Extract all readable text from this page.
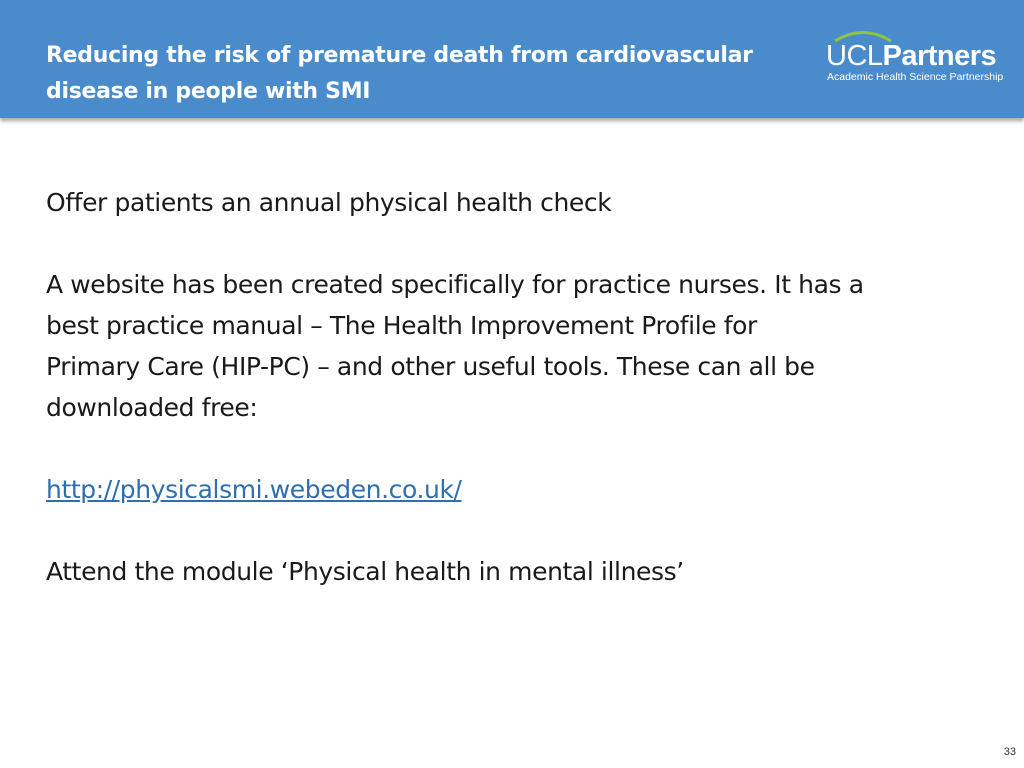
Reducing the risk of premature death from cardiovascular
disease in people with SMI
UCLPartners
Academic Health Science Partnership

Offer patients an annual physical health check

A website has been created specifically for practice nurses. It has a

best practice manual – The Health Improvement Profile for

Primary Care (HIP-PC) – and other useful tools. These can all be

downloaded free:

http://physicalsmi.webeden.co.uk/

Attend the module ‘Physical health in mental illness’

33
